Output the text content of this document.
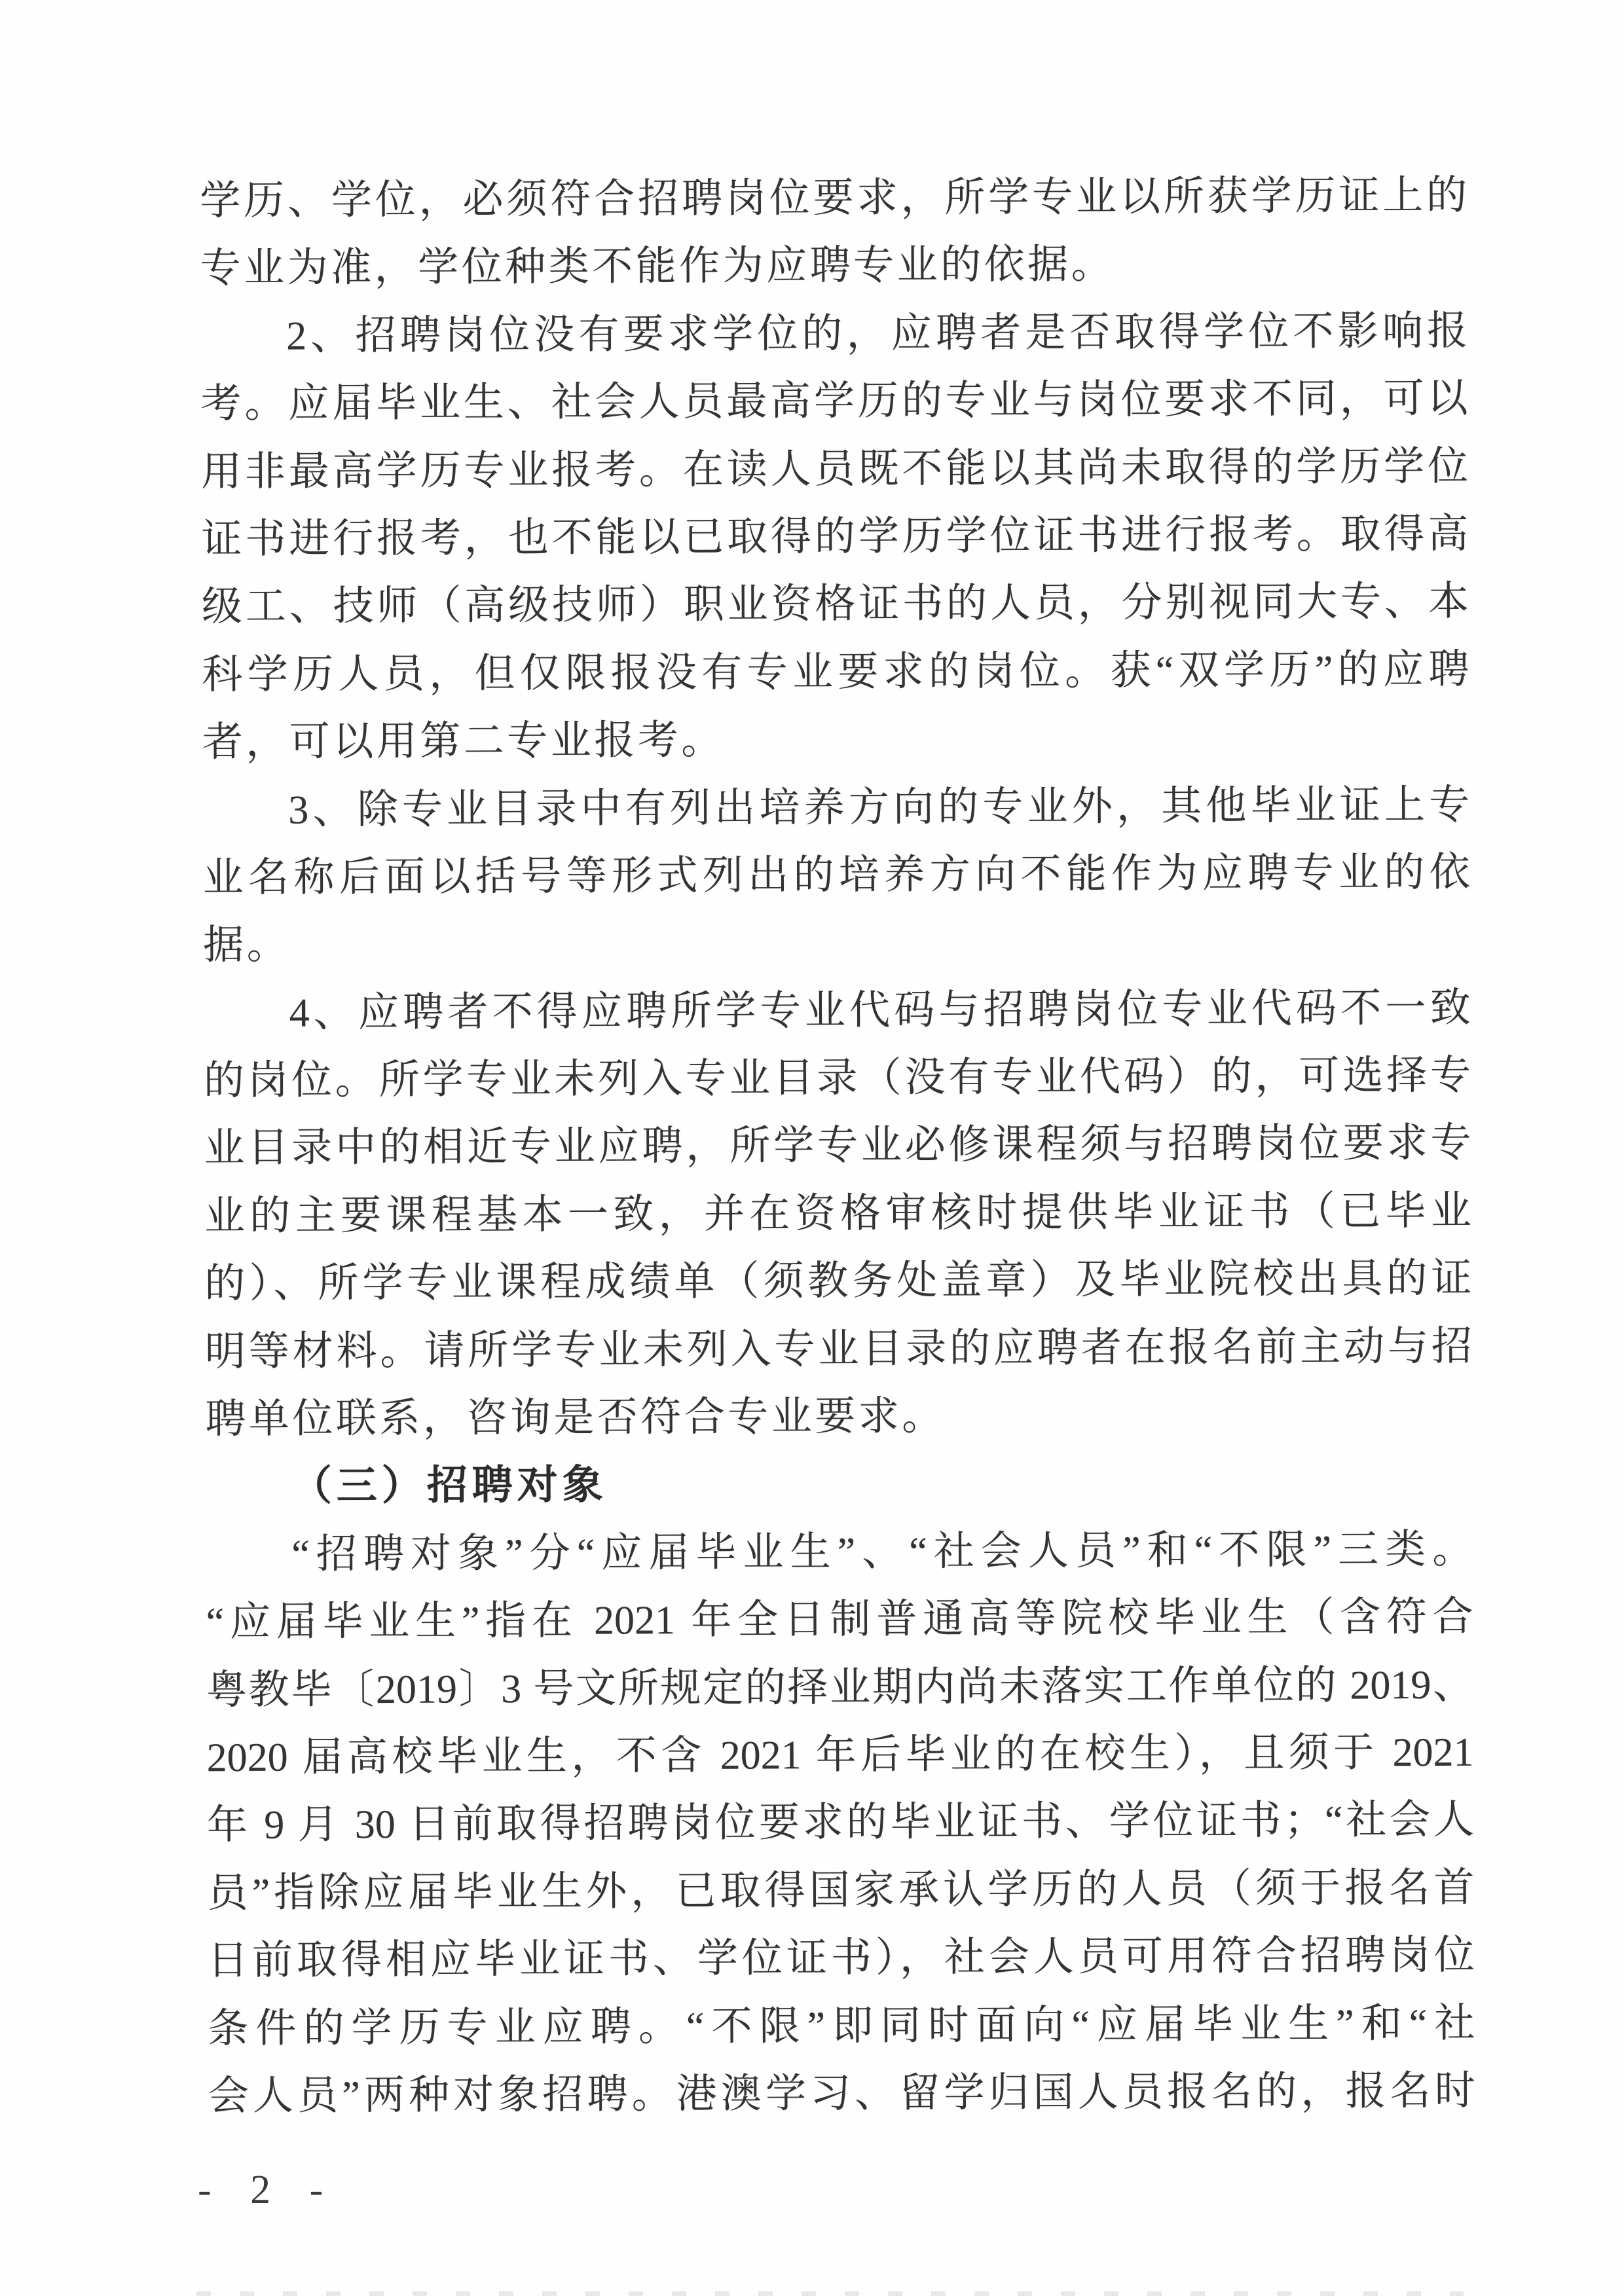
学历、学位，必须符合招聘岗位要求，所学专业以所获学历证上的
专业为准，学位种类不能作为应聘专业的依据。
2、招聘岗位没有要求学位的，应聘者是否取得学位不影响报
考。应届毕业生、社会人员最高学历的专业与岗位要求不同，可以
用非最高学历专业报考。在读人员既不能以其尚未取得的学历学位
证书进行报考，也不能以已取得的学历学位证书进行报考。取得高
级工、技师（高级技师）职业资格证书的人员，分别视同大专、本
科学历人员，但仅限报没有专业要求的岗位。获“双学历”的应聘
者，可以用第二专业报考。
3、除专业目录中有列出培养方向的专业外，其他毕业证上专
业名称后面以括号等形式列出的培养方向不能作为应聘专业的依
据。
4、应聘者不得应聘所学专业代码与招聘岗位专业代码不一致
的岗位。所学专业未列入专业目录（没有专业代码）的，可选择专
业目录中的相近专业应聘，所学专业必修课程须与招聘岗位要求专
业的主要课程基本一致，并在资格审核时提供毕业证书（已毕业
的）、所学专业课程成绩单（须教务处盖章）及毕业院校出具的证
明等材料。请所学专业未列入专业目录的应聘者在报名前主动与招
聘单位联系，咨询是否符合专业要求。
（三）招聘对象
“招聘对象”分“应届毕业生”、“社会人员”和“不限”三类。
“应届毕业生”指在 2021 年全日制普通高等院校毕业生（含符合
粤教毕〔2019〕3 号文所规定的择业期内尚未落实工作单位的 2019、
2020 届高校毕业生，不含 2021 年后毕业的在校生），且须于 2021
年 9 月 30 日前取得招聘岗位要求的毕业证书、学位证书；“社会人
员”指除应届毕业生外，已取得国家承认学历的人员（须于报名首
日前取得相应毕业证书、学位证书），社会人员可用符合招聘岗位
条件的学历专业应聘。“不限”即同时面向“应届毕业生”和“社
会人员”两种对象招聘。港澳学习、留学归国人员报名的，报名时
- 2 -
